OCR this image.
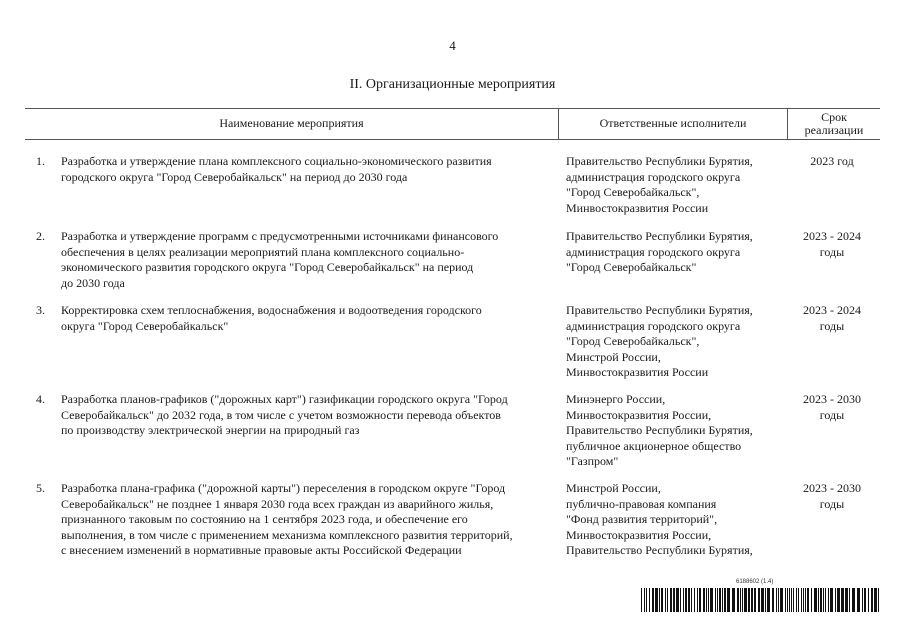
4
II. Организационные мероприятия
Наименование мероприятия	Ответственные исполнители	Срок
реализации
1. Разработка и утверждение плана комплексного социально-экономического развития
городского округа "Город Северобайкальск" на период до 2030 года
Правительство Республики Бурятия,
администрация городского округа
"Город Северобайкальск",
Минвостокразвития России
2023 год
2. Разработка и утверждение программ с предусмотренными источниками финансового
обеспечения в целях реализации мероприятий плана комплексного социально-
экономического развития городского округа "Город Северобайкальск" на период
до 2030 года
Правительство Республики Бурятия,
администрация городского округа
"Город Северобайкальск"
2023 - 2024
годы
3. Корректировка схем теплоснабжения, водоснабжения и водоотведения городского
округа "Город Северобайкальск"
Правительство Республики Бурятия,
администрация городского округа
"Город Северобайкальск",
Минстрой России,
Минвостокразвития России
2023 - 2024
годы
4. Разработка планов-графиков ("дорожных карт") газификации городского округа "Город
Северобайкальск" до 2032 года, в том числе с учетом возможности перевода объектов
по производству электрической энергии на природный газ
Минэнерго России,
Минвостокразвития России,
Правительство Республики Бурятия,
публичное акционерное общество
"Газпром"
2023 - 2030
годы
5. Разработка плана-графика ("дорожной карты") переселения в городском округе "Город
Северобайкальск" не позднее 1 января 2030 года всех граждан из аварийного жилья,
признанного таковым по состоянию на 1 сентября 2023 года, и обеспечение его
выполнения, в том числе с применением механизма комплексного развития территорий,
с внесением изменений в нормативные правовые акты Российской Федерации
Минстрой России,
публично-правовая компания
"Фонд развития территорий",
Минвостокразвития России,
Правительство Республики Бурятия,
2023 - 2030
годы
6188602 (1.4)
